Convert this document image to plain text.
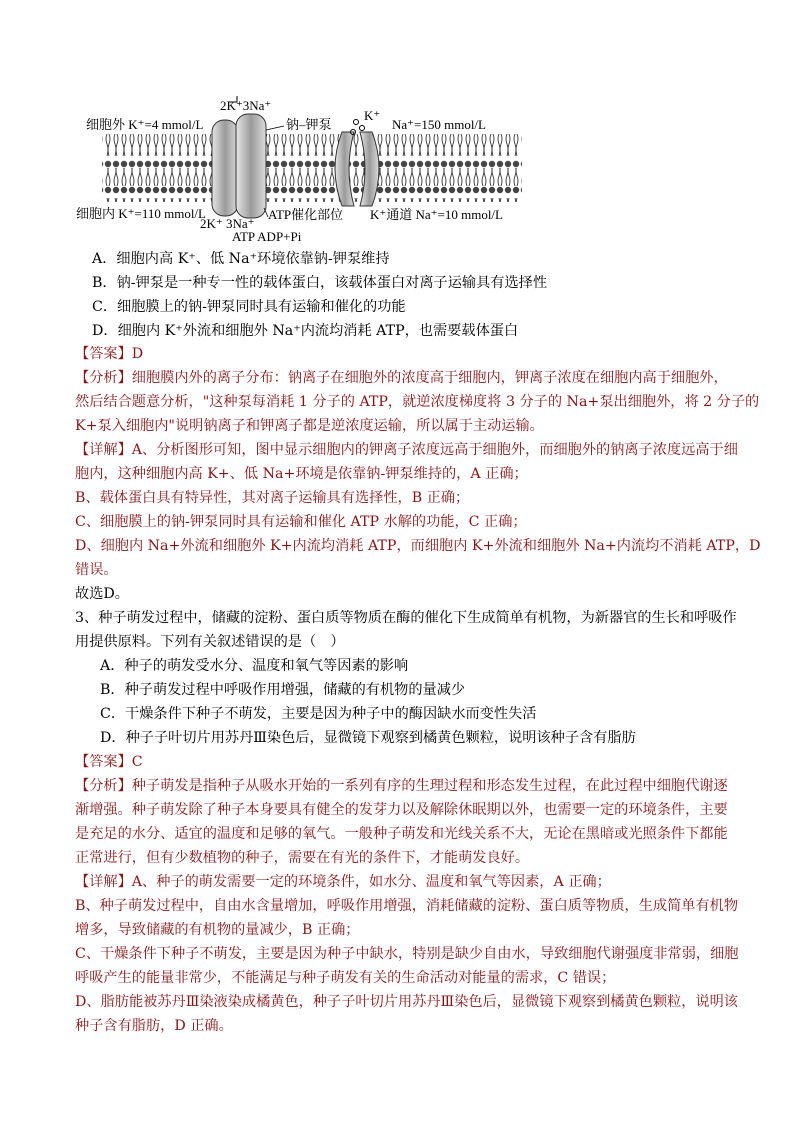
2K⁺3Na⁺
细胞外 K⁺=4 mmol/L	钠–钾泵
K⁺
Na⁺=150 mmol/L
细胞内 K⁺=110 mmol/L
2K⁺ 3Na⁺
ATP催化部位 K⁺通道 Na⁺=10 mmol/L
ATP ADP+Pi
A．细胞内高 K⁺、低 Na⁺环境依靠钠-钾泵维持
B．钠-钾泵是一种专一性的载体蛋白，该载体蛋白对离子运输具有选择性
C．细胞膜上的钠-钾泵同时具有运输和催化的功能
D．细胞内 K⁺外流和细胞外 Na⁺内流均消耗 ATP，也需要载体蛋白
【答案】D
【分析】细胞膜内外的离子分布：钠离子在细胞外的浓度高于细胞内，钾离子浓度在细胞内高于细胞外，
然后结合题意分析，"这种泵每消耗 1 分子的 ATP，就逆浓度梯度将 3 分子的 Na+泵出细胞外，将 2 分子的
K+泵入细胞内"说明钠离子和钾离子都是逆浓度运输，所以属于主动运输。
【详解】A、分析图形可知，图中显示细胞内的钾离子浓度远高于细胞外，而细胞外的钠离子浓度远高于细
胞内，这种细胞内高 K+、低 Na+环境是依靠钠-钾泵维持的，A 正确；
B、载体蛋白具有特异性，其对离子运输具有选择性，B 正确；
C、细胞膜上的钠-钾泵同时具有运输和催化 ATP 水解的功能，C 正确；
D、细胞内 Na+外流和细胞外 K+内流均消耗 ATP，而细胞内 K+外流和细胞外 Na+内流均不消耗 ATP，D
错误。
故选D。
3、种子萌发过程中，储藏的淀粉、蛋白质等物质在酶的催化下生成简单有机物，为新器官的生长和呼吸作
用提供原料。下列有关叙述错误的是（　）
A．种子的萌发受水分、温度和氧气等因素的影响
B．种子萌发过程中呼吸作用增强，储藏的有机物的量减少
C．干燥条件下种子不萌发，主要是因为种子中的酶因缺水而变性失活
D．种子子叶切片用苏丹Ⅲ染色后，显微镜下观察到橘黄色颗粒，说明该种子含有脂肪
【答案】C
【分析】种子萌发是指种子从吸水开始的一系列有序的生理过程和形态发生过程，在此过程中细胞代谢逐
渐增强。种子萌发除了种子本身要具有健全的发芽力以及解除休眠期以外，也需要一定的环境条件，主要
是充足的水分、适宜的温度和足够的氧气。一般种子萌发和光线关系不大，无论在黑暗或光照条件下都能
正常进行，但有少数植物的种子，需要在有光的条件下，才能萌发良好。
【详解】A、种子的萌发需要一定的环境条件，如水分、温度和氧气等因素，A 正确；
B、种子萌发过程中，自由水含量增加，呼吸作用增强，消耗储藏的淀粉、蛋白质等物质，生成简单有机物
增多，导致储藏的有机物的量减少，B 正确；
C、干燥条件下种子不萌发，主要是因为种子中缺水，特别是缺少自由水，导致细胞代谢强度非常弱，细胞
呼吸产生的能量非常少，不能满足与种子萌发有关的生命活动对能量的需求，C 错误；
D、脂肪能被苏丹Ⅲ染液染成橘黄色，种子子叶切片用苏丹Ⅲ染色后，显微镜下观察到橘黄色颗粒，说明该
种子含有脂肪，D 正确。
